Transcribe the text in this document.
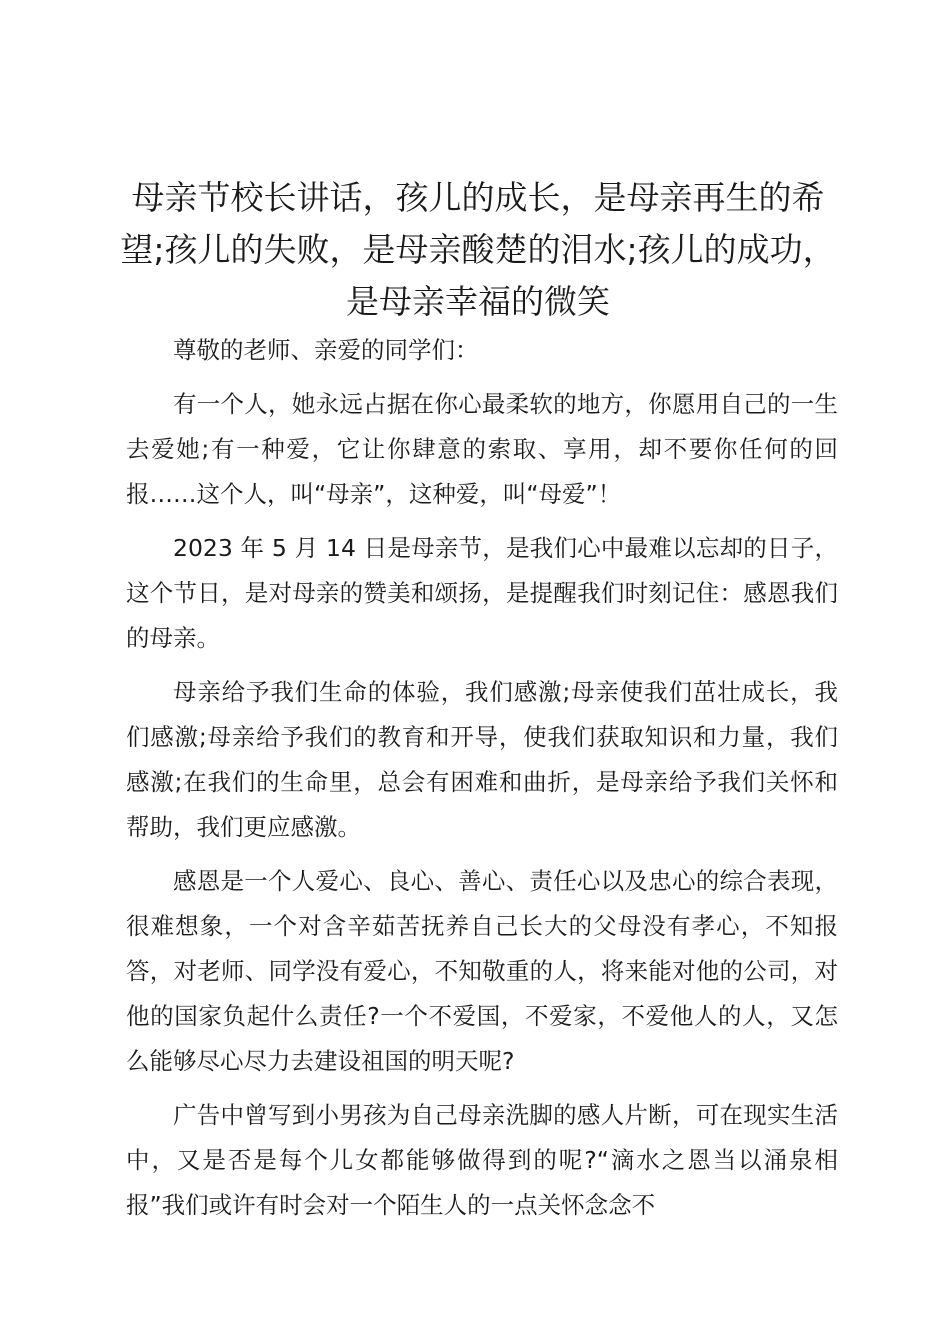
母亲节校长讲话，孩儿的成长，是母亲再生的希望;孩儿的失败，是母亲酸楚的泪水;孩儿的成功，是母亲幸福的微笑

尊敬的老师、亲爱的同学们：

有一个人，她永远占据在你心最柔软的地方，你愿用自己的一生去爱她;有一种爱，它让你肆意的索取、享用，却不要你任何的回报……这个人，叫“母亲”，这种爱，叫“母爱”！

2023 年 5 月 14 日是母亲节，是我们心中最难以忘却的日子，这个节日，是对母亲的赞美和颂扬，是提醒我们时刻记住：感恩我们的母亲。

母亲给予我们生命的体验，我们感激;母亲使我们茁壮成长，我们感激;母亲给予我们的教育和开导，使我们获取知识和力量，我们感激;在我们的生命里，总会有困难和曲折，是母亲给予我们关怀和帮助，我们更应感激。

感恩是一个人爱心、良心、善心、责任心以及忠心的综合表现，很难想象，一个对含辛茹苦抚养自己长大的父母没有孝心，不知报答，对老师、同学没有爱心，不知敬重的人，将来能对他的公司，对他的国家负起什么责任?一个不爱国，不爱家，不爱他人的人，又怎么能够尽心尽力去建设祖国的明天呢?

广告中曾写到小男孩为自己母亲洗脚的感人片断，可在现实生活中，又是否是每个儿女都能够做得到的呢?“滴水之恩当以涌泉相报”我们或许有时会对一个陌生人的一点关怀念念不
